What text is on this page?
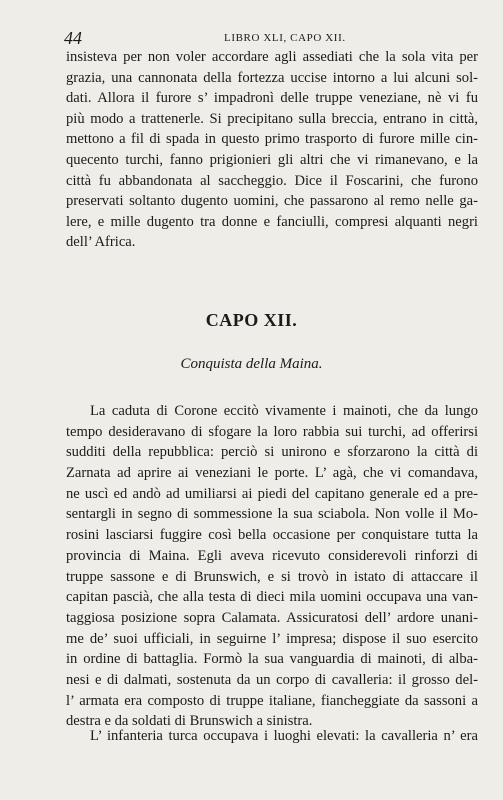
44	LIBRO XLI, CAPO XII.
insisteva per non voler accordare agli assediati che la sola vita per
grazia, una cannonata della fortezza uccise intorno a lui alcuni sol-
dati. Allora il furore s’ impadronì delle truppe veneziane, nè vi fu
più modo a trattenerle. Si precipitano sulla breccia, entrano in città,
mettono a fil di spada in questo primo trasporto di furore mille cin-
quecento turchi, fanno prigionieri gli altri che vi rimanevano, e la
città fu abbandonata al saccheggio. Dice il Foscarini, che furono
preservati soltanto dugento uomini, che passarono al remo nelle ga-
lere, e mille dugento tra donne e fanciulli, compresi alquanti negri
dell’ Africa.
CAPO XII.
Conquista della Maina.
La caduta di Corone eccitò vivamente i mainoti, che da lungo
tempo desideravano di sfogare la loro rabbia sui turchi, ad offerirsi
sudditi della repubblica: perciò si unirono e sforzarono la città di
Zarnata ad aprire ai veneziani le porte. L’ agà, che vi comandava,
ne uscì ed andò ad umiliarsi ai piedi del capitano generale ed a pre-
sentargli in segno di sommessione la sua sciabola. Non volle il Mo-
rosini lasciarsi fuggire così bella occasione per conquistare tutta la
provincia di Maina. Egli aveva ricevuto considerevoli rinforzi di
truppe sassone e di Brunswich, e si trovò in istato di attaccare il
capitan pascià, che alla testa di dieci mila uomini occupava una van-
taggiosa posizione sopra Calamata. Assicuratosi dell’ ardore unani-
me de’ suoi ufficiali, in seguirne l’ impresa; dispose il suo esercito
in ordine di battaglia. Formò la sua vanguardia di mainoti, di alba-
nesi e di dalmati, sostenuta da un corpo di cavalleria: il grosso del-
l’ armata era composto di truppe italiane, fiancheggiate da sassoni a
destra e da soldati di Brunswich a sinistra.
L’ infanteria turca occupava i luoghi elevati: la cavalleria n’ era
